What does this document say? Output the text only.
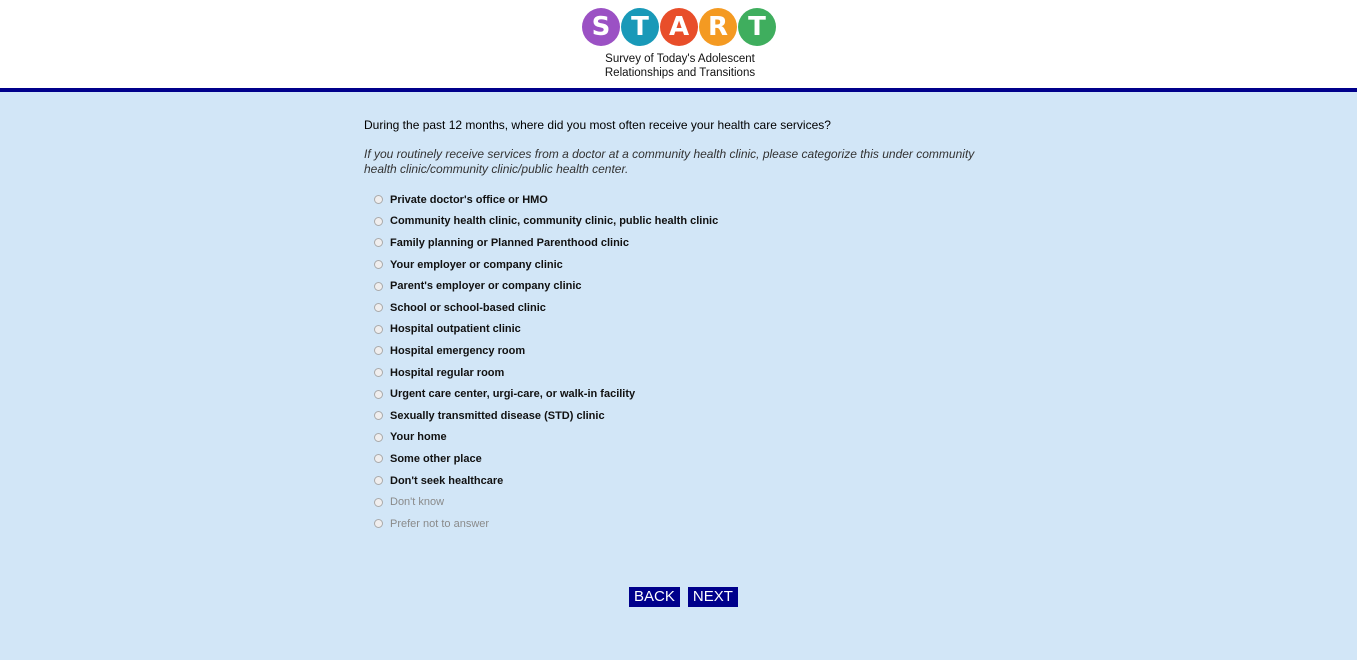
S T A R T
Survey of Today's Adolescent
Relationships and Transitions

During the past 12 months, where did you most often receive your health care services?

If you routinely receive services from a doctor at a community health clinic, please categorize this under community health clinic/community clinic/public health center.

Private doctor's office or HMO
Community health clinic, community clinic, public health clinic
Family planning or Planned Parenthood clinic
Your employer or company clinic
Parent's employer or company clinic
School or school-based clinic
Hospital outpatient clinic
Hospital emergency room
Hospital regular room
Urgent care center, urgi-care, or walk-in facility
Sexually transmitted disease (STD) clinic
Your home
Some other place
Don't seek healthcare
Don't know
Prefer not to answer
BACK	NEXT
